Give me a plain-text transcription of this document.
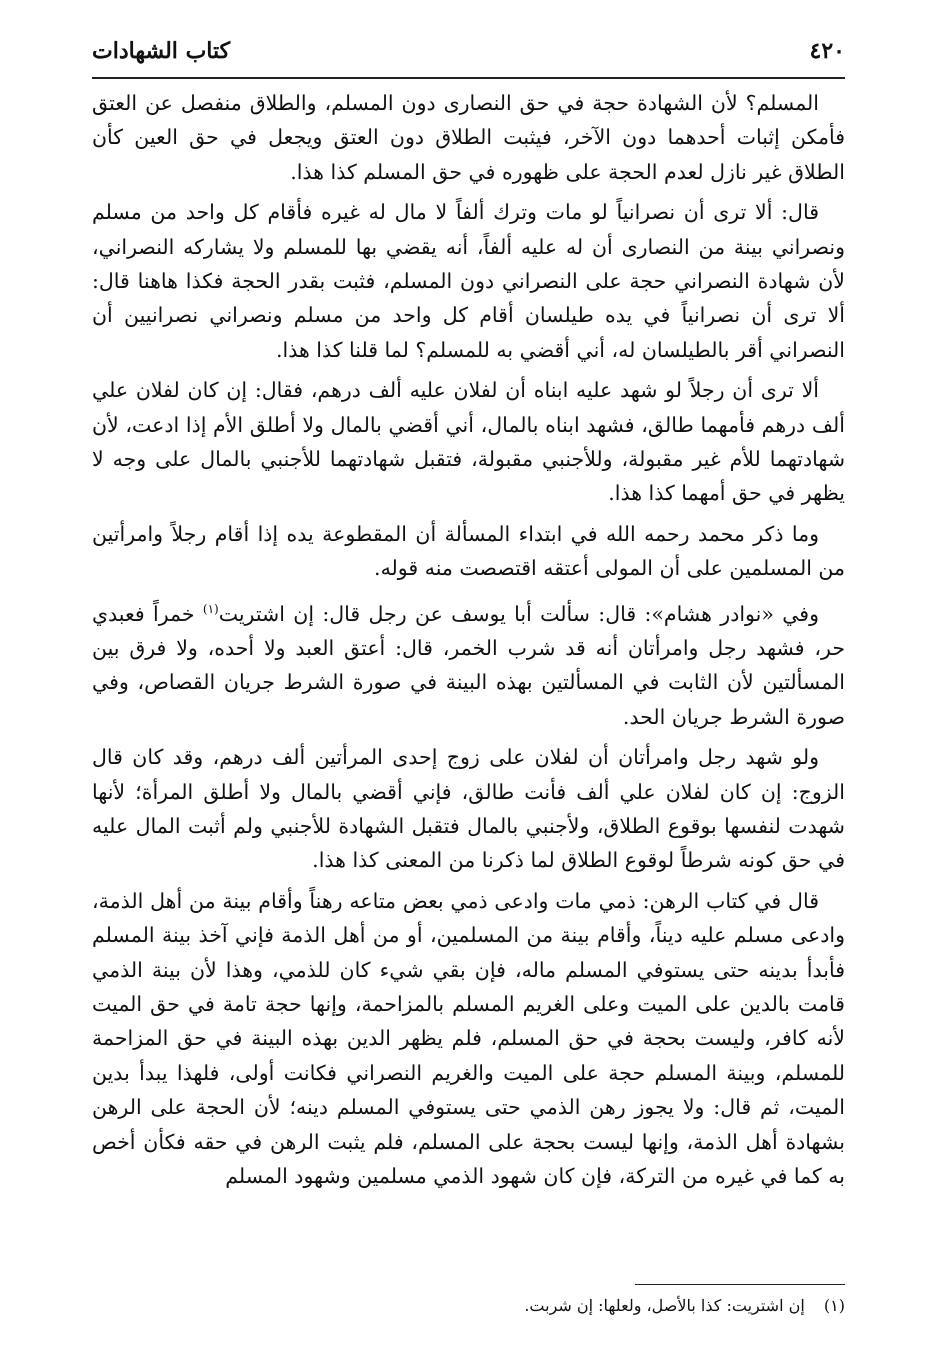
٤٢٠
كتاب الشهادات

المسلم؟ لأن الشهادة حجة في حق النصارى دون المسلم، والطلاق منفصل عن العتق فأمكن إثبات أحدهما دون الآخر، فيثبت الطلاق دون العتق ويجعل في حق العين كأن الطلاق غير نازل لعدم الحجة على ظهوره في حق المسلم كذا هذا.

قال: ألا ترى أن نصرانياً لو مات وترك ألفاً لا مال له غيره فأقام كل واحد من مسلم ونصراني بينة من النصارى أن له عليه ألفاً، أنه يقضي بها للمسلم ولا يشاركه النصراني، لأن شهادة النصراني حجة على النصراني دون المسلم، فثبت بقدر الحجة فكذا هاهنا قال: ألا ترى أن نصرانياً في يده طيلسان أقام كل واحد من مسلم ونصراني نصرانيين أن النصراني أقر بالطيلسان له، أني أقضي به للمسلم؟ لما قلنا كذا هذا.

ألا ترى أن رجلاً لو شهد عليه ابناه أن لفلان عليه ألف درهم، فقال: إن كان لفلان علي ألف درهم فأمهما طالق، فشهد ابناه بالمال، أني أقضي بالمال ولا أطلق الأم إذا ادعت، لأن شهادتهما للأم غير مقبولة، وللأجنبي مقبولة، فتقبل شهادتهما للأجنبي بالمال على وجه لا يظهر في حق أمهما كذا هذا.

وما ذكر محمد رحمه الله في ابتداء المسألة أن المقطوعة يده إذا أقام رجلاً وامرأتين من المسلمين على أن المولى أعتقه اقتصصت منه قوله.

وفي «نوادر هشام»: قال: سألت أبا يوسف عن رجل قال: إن اشتريت$^{(١)}$ خمراً فعبدي حر، فشهد رجل وامرأتان أنه قد شرب الخمر، قال: أعتق العبد ولا أحده، ولا فرق بين المسألتين لأن الثابت في المسألتين بهذه البينة في صورة الشرط جريان القصاص، وفي صورة الشرط جريان الحد.

ولو شهد رجل وامرأتان أن لفلان على زوج إحدى المرأتين ألف درهم، وقد كان قال الزوج: إن كان لفلان علي ألف فأنت طالق، فإني أقضي بالمال ولا أطلق المرأة؛ لأنها شهدت لنفسها بوقوع الطلاق، ولأجنبي بالمال فتقبل الشهادة للأجنبي ولم أثبت المال عليه في حق كونه شرطاً لوقوع الطلاق لما ذكرنا من المعنى كذا هذا.

قال في كتاب الرهن: ذمي مات وادعى ذمي بعض متاعه رهناً وأقام بينة من أهل الذمة، وادعى مسلم عليه ديناً، وأقام بينة من المسلمين، أو من أهل الذمة فإني آخذ بينة المسلم فأبدأ بدينه حتى يستوفي المسلم ماله، فإن بقي شيء كان للذمي، وهذا لأن بينة الذمي قامت بالدين على الميت وعلى الغريم المسلم بالمزاحمة، وإنها حجة تامة في حق الميت لأنه كافر، وليست بحجة في حق المسلم، فلم يظهر الدين بهذه البينة في حق المزاحمة للمسلم، وبينة المسلم حجة على الميت والغريم النصراني فكانت أولى، فلهذا يبدأ بدين الميت، ثم قال: ولا يجوز رهن الذمي حتى يستوفي المسلم دينه؛ لأن الحجة على الرهن بشهادة أهل الذمة، وإنها ليست بحجة على المسلم، فلم يثبت الرهن في حقه فكأن أخص به كما في غيره من التركة، فإن كان شهود الذمي مسلمين وشهود المسلم

(١) إن اشتريت: كذا بالأصل، ولعلها: إن شربت.
